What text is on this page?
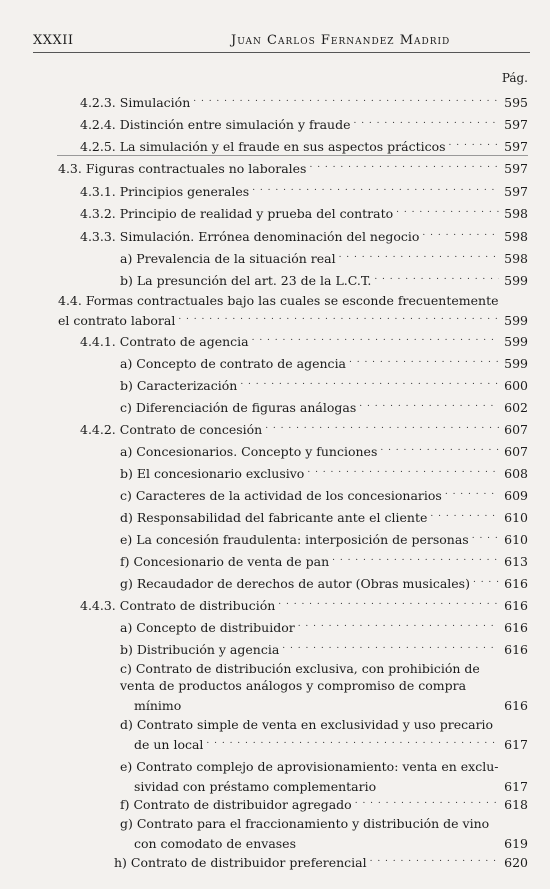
XXXII	Juan Carlos Fernandez Madrid
Pág.
4.2.3. Simulación . . .	595
4.2.4. Distinción entre simulación y fraude . . .	597
4.2.5. La simulación y el fraude en sus aspectos prácticos . . .	597
4.3. Figuras contractuales no laborales . . .	597
4.3.1. Principios generales . . .	597
4.3.2. Principio de realidad y prueba del contrato . . .	598
4.3.3. Simulación. Errónea denominación del negocio . . .	598
a) Prevalencia de la situación real . . .	598
b) La presunción del art. 23 de la L.C.T. . . .	599
4.4. Formas contractuales bajo las cuales se esconde frecuentemente
el contrato laboral . . .	599
4.4.1. Contrato de agencia . . .	599
a) Concepto de contrato de agencia . . .	599
b) Caracterización . . .	600
c) Diferenciación de figuras análogas . . .	602
4.4.2. Contrato de concesión . . .	607
a) Concesionarios. Concepto y funciones . . .	607
b) El concesionario exclusivo . . .	608
c) Caracteres de la actividad de los concesionarios . . .	609
d) Responsabilidad del fabricante ante el cliente . . .	610
e) La concesión fraudulenta: interposición de personas . . .	610
f) Concesionario de venta de pan . . .	613
g) Recaudador de derechos de autor (Obras musicales) . . .	616
4.4.3. Contrato de distribución . . .	616
a) Concepto de distribuidor . . .	616
b) Distribución y agencia . . .	616
c) Contrato de distribución exclusiva, con prohibición de
venta de productos análogos y compromiso de compra
mínimo	616
d) Contrato simple de venta en exclusividad y uso precario
de un local . . .	617
e) Contrato complejo de aprovisionamiento: venta en exclu-
sividad con préstamo complementario	617
f) Contrato de distribuidor agregado . . .	618
g) Contrato para el fraccionamiento y distribución de vino
con comodato de envases	619
h) Contrato de distribuidor preferencial . . .	620
